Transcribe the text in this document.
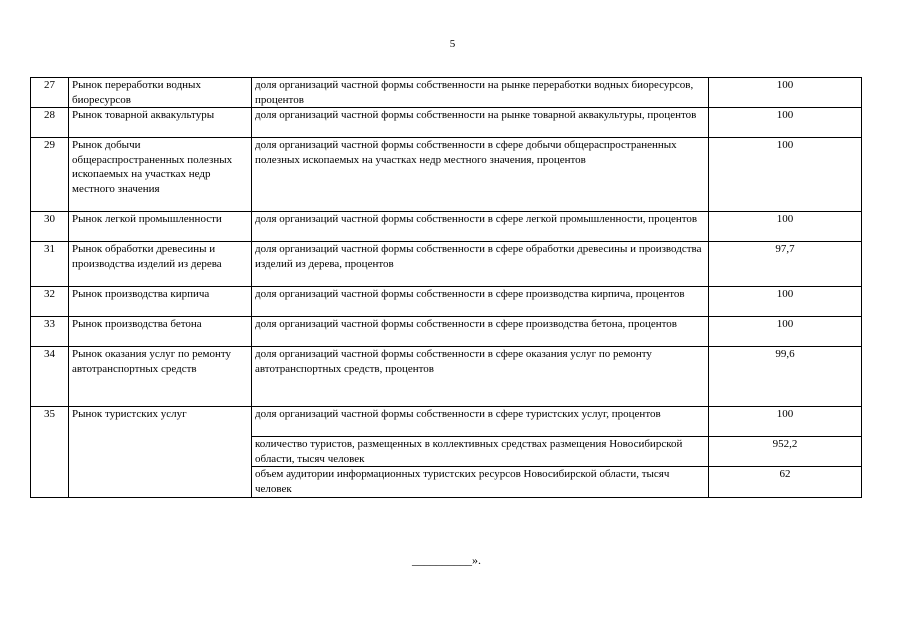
5
27	Рынок переработки водных биоресурсов	доля организаций частной формы собственности на рынке переработки водных биоресурсов, процентов	100
28	Рынок товарной аквакультуры	доля организаций частной формы собственности на рынке товарной аквакультуры, процентов	100
29	Рынок добычи общераспространенных полезных ископаемых на участках недр местного значения	доля организаций частной формы собственности в сфере добычи общераспространенных полезных ископаемых на участках недр местного значения, процентов	100
30	Рынок легкой промышленности	доля организаций частной формы собственности в сфере легкой промышленности, процентов	100
31	Рынок обработки древесины и производства изделий из дерева	доля организаций частной формы собственности в сфере обработки древесины и производства изделий из дерева, процентов	97,7
32	Рынок производства кирпича	доля организаций частной формы собственности в сфере производства кирпича, процентов	100
33	Рынок производства бетона	доля организаций частной формы собственности в сфере производства бетона, процентов	100
34	Рынок оказания услуг по ремонту автотранспортных средств	доля организаций частной формы собственности в сфере оказания услуг по ремонту автотранспортных средств, процентов	99,6
35	Рынок туристских услуг	доля организаций частной формы собственности в сфере туристских услуг, процентов	100
		количество туристов, размещенных в коллективных средствах размещения Новосибирской области, тысяч человек	952,2
		объем аудитории информационных туристских ресурсов Новосибирской области, тысяч человек	62
__________».
